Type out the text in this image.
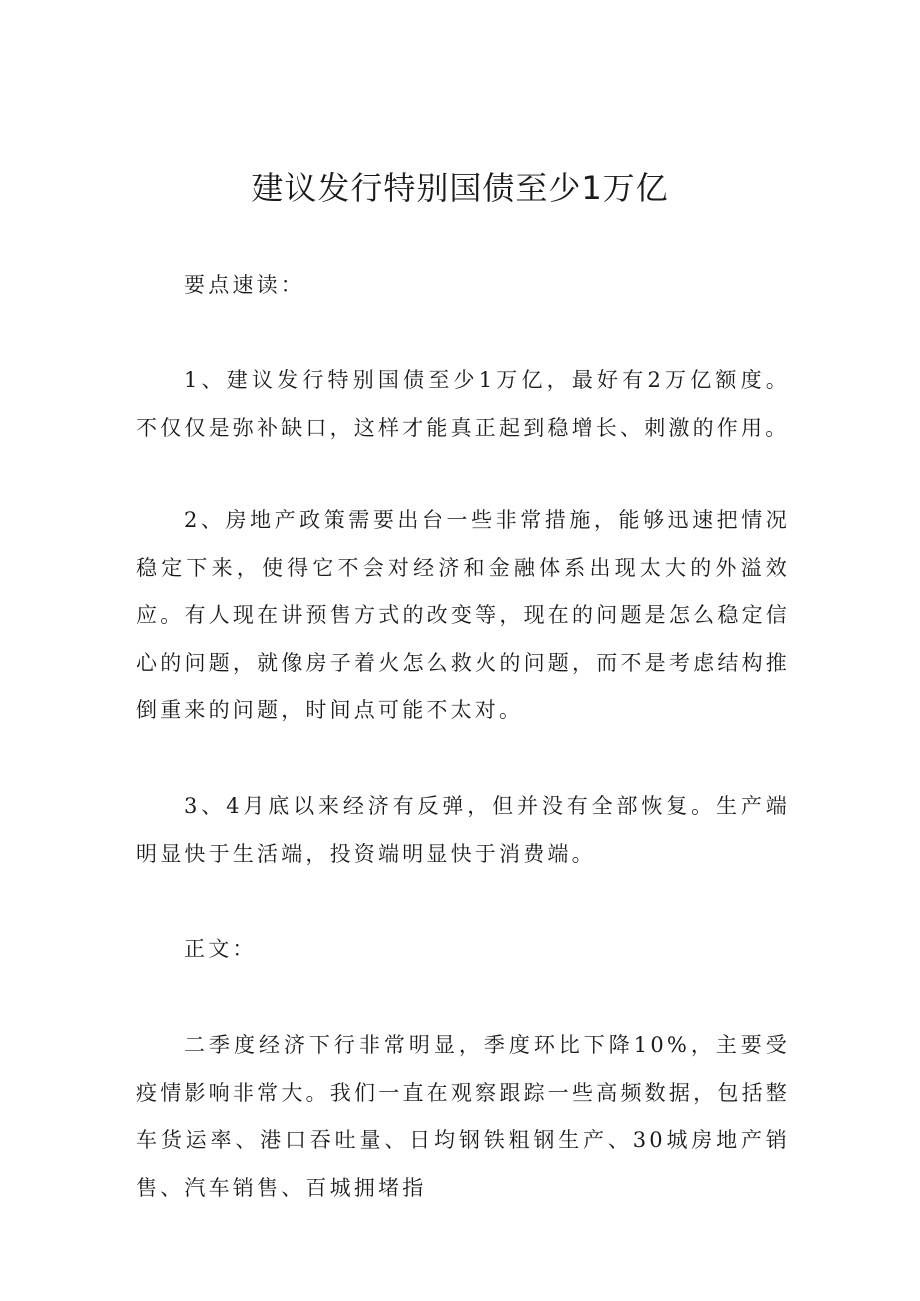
建议发行特别国债至少1万亿

要点速读：

1、建议发行特别国债至少1万亿，最好有2万亿额度。不仅仅是弥补缺口，这样才能真正起到稳增长、刺激的作用。

2、房地产政策需要出台一些非常措施，能够迅速把情况稳定下来，使得它不会对经济和金融体系出现太大的外溢效应。有人现在讲预售方式的改变等，现在的问题是怎么稳定信心的问题，就像房子着火怎么救火的问题，而不是考虑结构推倒重来的问题，时间点可能不太对。

3、4月底以来经济有反弹，但并没有全部恢复。生产端明显快于生活端，投资端明显快于消费端。

正文：

二季度经济下行非常明显，季度环比下降10%，主要受疫情影响非常大。我们一直在观察跟踪一些高频数据，包括整车货运率、港口吞吐量、日均钢铁粗钢生产、30城房地产销售、汽车销售、百城拥堵指
